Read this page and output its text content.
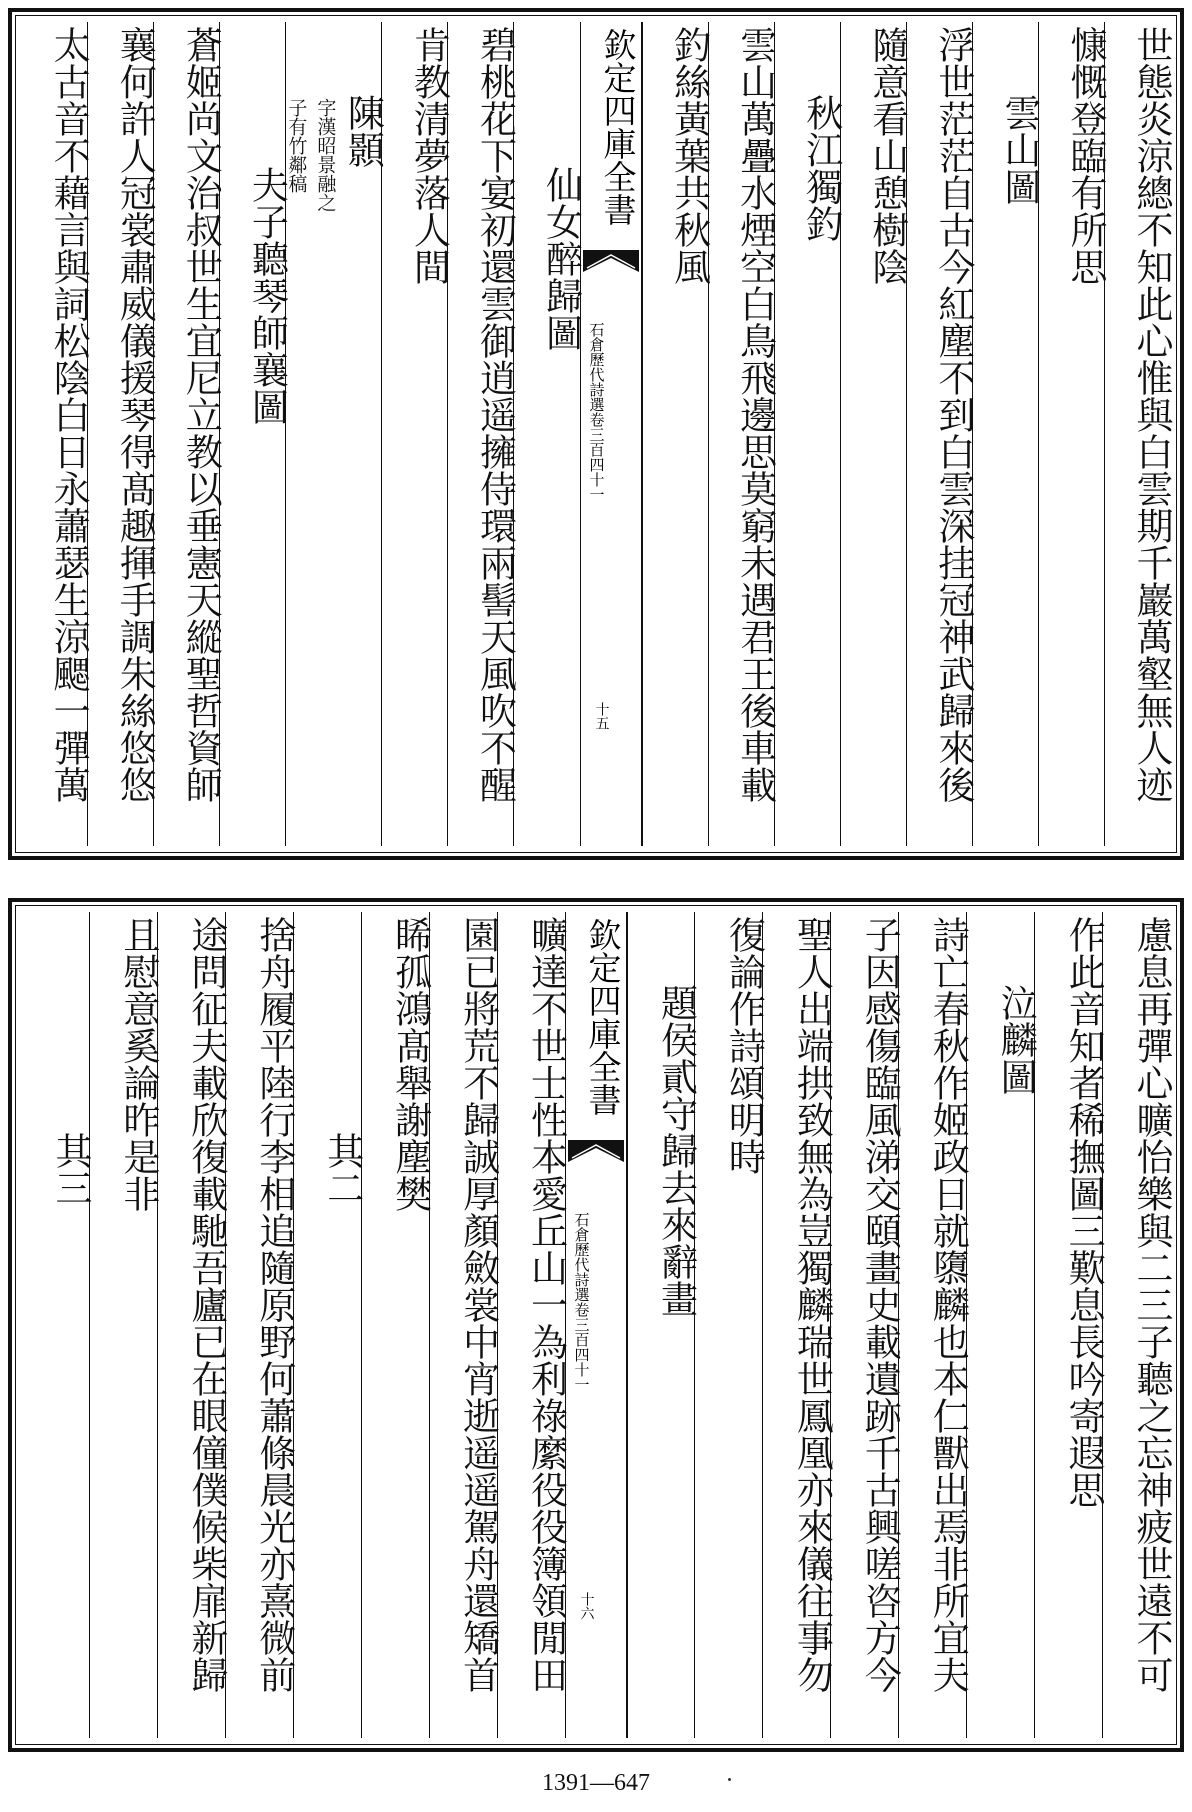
世態炎涼總不知此心惟與白雲期千巖萬壑無人迹
慷慨登臨有所思
雲山圖
浮世茫茫自古今紅塵不到白雲深挂冠神武歸來後
隨意看山憩樹陰
秋江獨釣
雲山萬疊水煙空白鳥飛邊思莫窮未遇君王後車載
釣絲黃葉共秋風
欽定四庫全書
石倉歷代詩選
卷三百四十一
十五
仙女醉歸圖
碧桃花下宴初還雲御逍遥擁侍環兩髻天風吹不醒
肯教清夢落人間
陳顥
字漢昭景融之
子有竹鄰稿
夫子聽琴師襄圖
蒼姬尚文治叔世生宜尼立教以垂憲天縱聖哲資師
襄何許人冠裳肅威儀援琴得髙趣揮手調朱絲悠悠
太古音不藉言與詞松陰白日永蕭瑟生涼颸一彈萬
慮息再彈心曠怡樂與二三子聽之忘神疲世遠不可
作此音知者稀撫圖三歎息長吟寄遐思
泣麟圖
詩亡春秋作姬政日就隳麟也本仁獸出焉非所宜夫
子因感傷臨風涕交頤畫史載遺跡千古興嗟咨方今
聖人出端拱致無為豈獨麟瑞世鳳凰亦來儀往事勿
復論作詩頌明時
題侯貳守歸去來辭畫
欽定四庫全書
石倉歷代詩選
卷三百四十一
十六
曠達不世士性本愛丘山一為利祿縻役役簿領閒田
園已將荒不歸誠厚顏斂裳中宵逝遥遥駕舟還矯首
睎孤鴻髙舉謝塵樊
其二
捨舟履平陸行李相追隨原野何蕭條晨光亦熹微前
途問征夫載欣復載馳吾廬已在眼僮僕候柴扉新歸
且慰意奚論昨是非
其三
1391—647
